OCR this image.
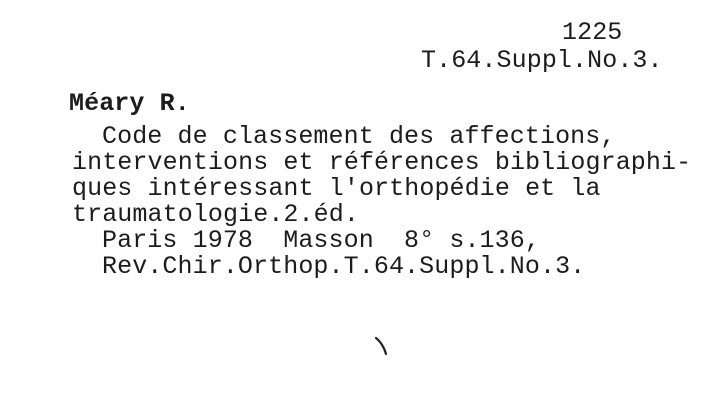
1225
T.64.Suppl.No.3.
Méary R.
Code de classement des affections,
interventions et références bibliographi-
ques intéressant l'orthopédie et la
traumatologie.2.éd.
Paris 1978  Masson  8° s.136,
Rev.Chir.Orthop.T.64.Suppl.No.3.
